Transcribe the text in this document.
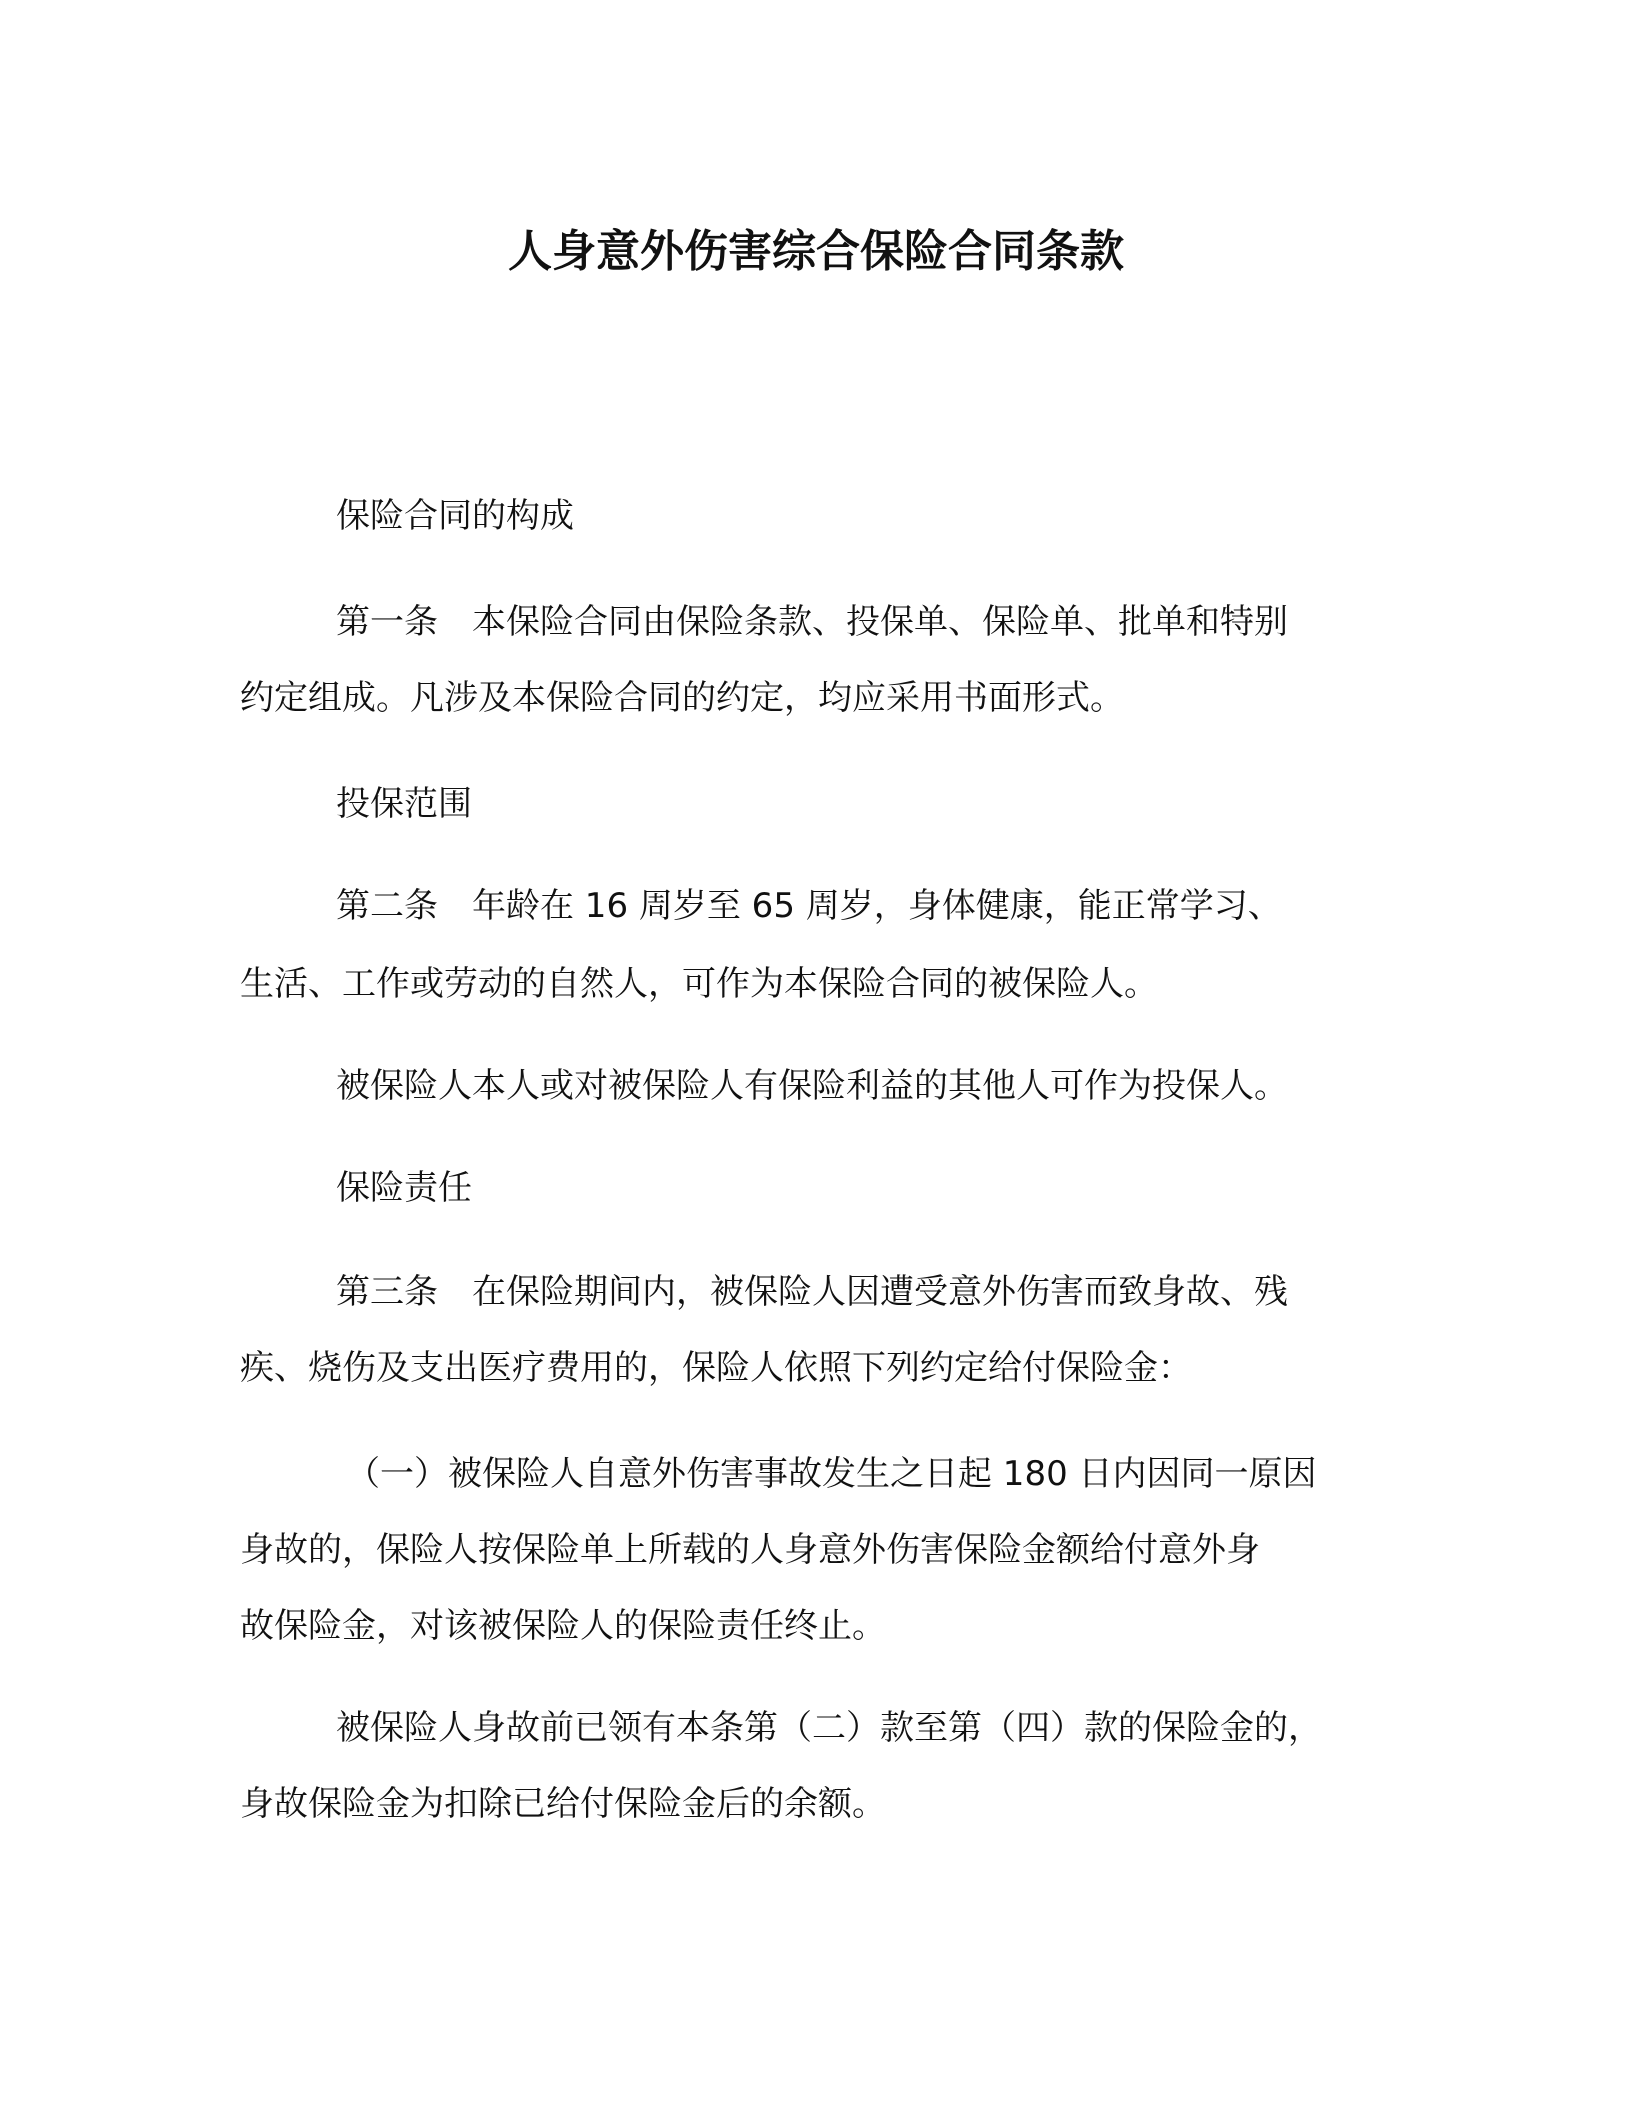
人身意外伤害综合保险合同条款

保险合同的构成

第一条　本保险合同由保险条款、投保单、保险单、批单和特别

约定组成。凡涉及本保险合同的约定，均应采用书面形式。

投保范围

第二条　年龄在 16 周岁至 65 周岁，身体健康，能正常学习、

生活、工作或劳动的自然人，可作为本保险合同的被保险人。

被保险人本人或对被保险人有保险利益的其他人可作为投保人。

保险责任

第三条　在保险期间内，被保险人因遭受意外伤害而致身故、残

疾、烧伤及支出医疗费用的，保险人依照下列约定给付保险金：

（一）被保险人自意外伤害事故发生之日起 180 日内因同一原因

身故的，保险人按保险单上所载的人身意外伤害保险金额给付意外身

故保险金，对该被保险人的保险责任终止。

被保险人身故前已领有本条第（二）款至第（四）款的保险金的，

身故保险金为扣除已给付保险金后的余额。
